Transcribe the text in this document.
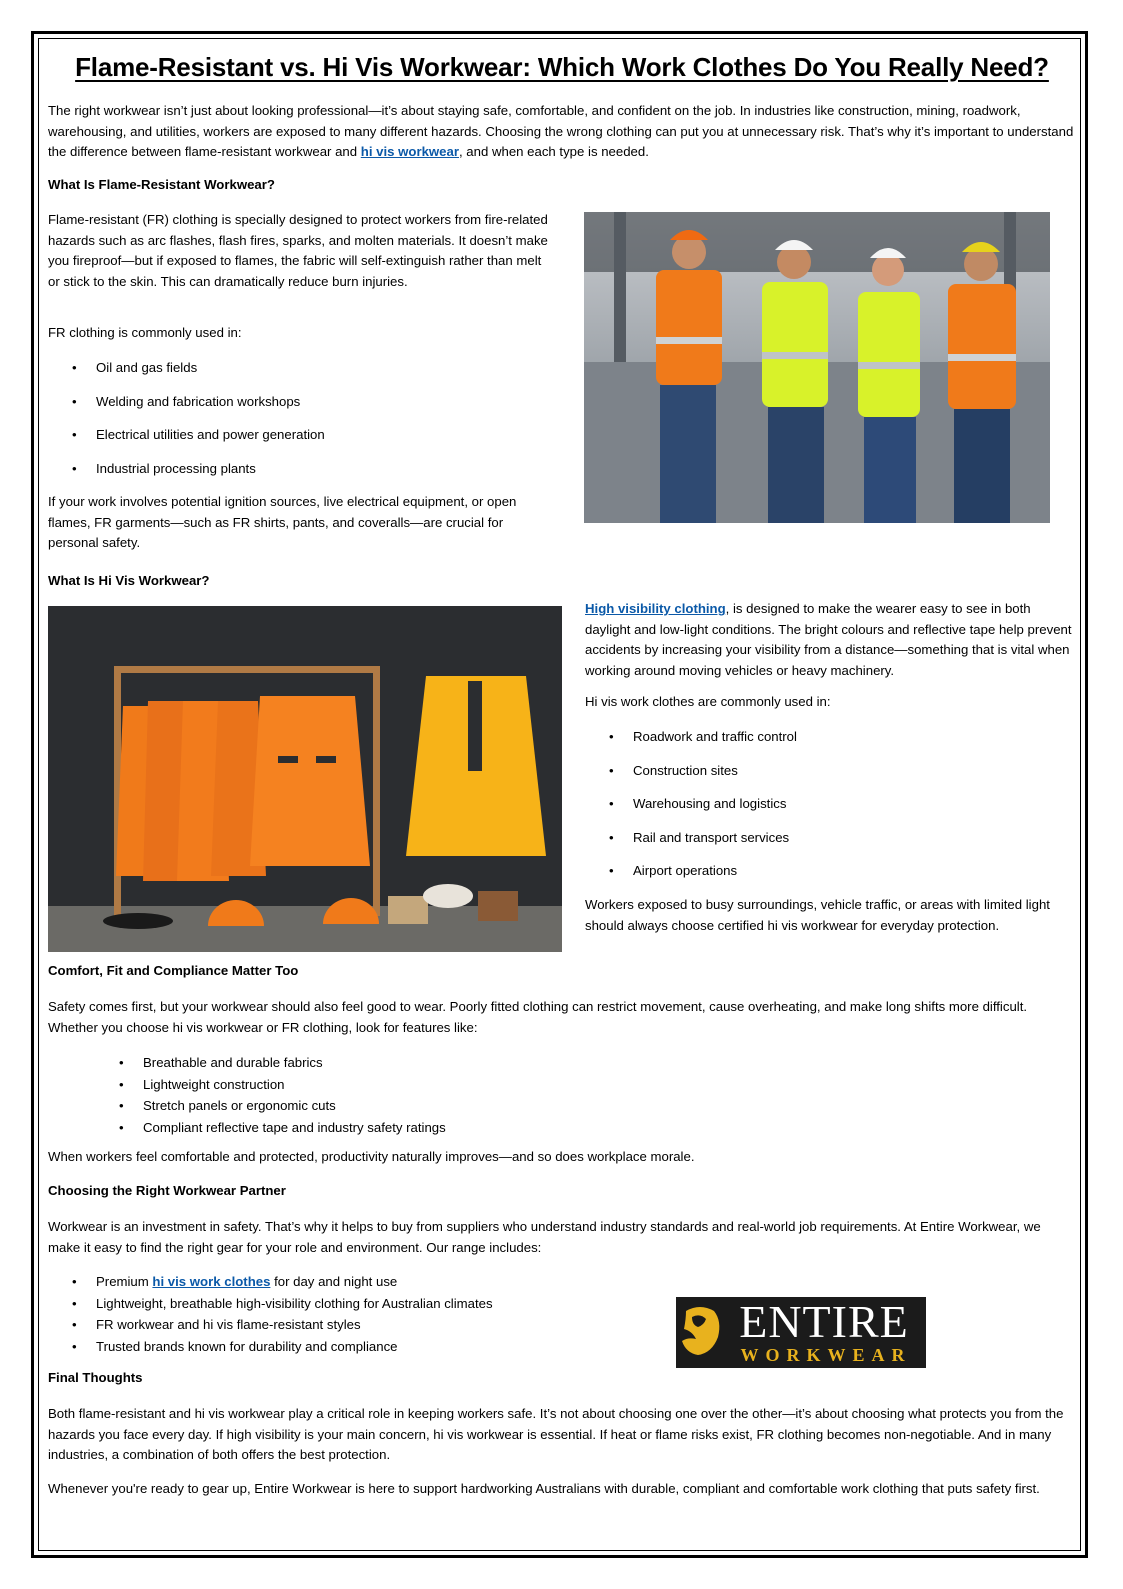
Flame-Resistant vs. Hi Vis Workwear: Which Work Clothes Do You Really Need?

The right workwear isn’t just about looking professional—it’s about staying safe, comfortable, and confident on the job. In industries like construction, mining, roadwork, warehousing, and utilities, workers are exposed to many different hazards. Choosing the wrong clothing can put you at unnecessary risk. That’s why it’s important to understand the difference between flame-resistant workwear and hi vis workwear, and when each type is needed.

What Is Flame-Resistant Workwear?

Flame-resistant (FR) clothing is specially designed to protect workers from fire-related hazards such as arc flashes, flash fires, sparks, and molten materials. It doesn’t make you fireproof—but if exposed to flames, the fabric will self-extinguish rather than melt or stick to the skin. This can dramatically reduce burn injuries.

FR clothing is commonly used in:

• Oil and gas fields
• Welding and fabrication workshops
• Electrical utilities and power generation
• Industrial processing plants

If your work involves potential ignition sources, live electrical equipment, or open flames, FR garments—such as FR shirts, pants, and coveralls—are crucial for personal safety.

What Is Hi Vis Workwear?

High visibility clothing, is designed to make the wearer easy to see in both daylight and low-light conditions. The bright colours and reflective tape help prevent accidents by increasing your visibility from a distance—something that is vital when working around moving vehicles or heavy machinery.

Hi vis work clothes are commonly used in:

• Roadwork and traffic control
• Construction sites
• Warehousing and logistics
• Rail and transport services
• Airport operations

Workers exposed to busy surroundings, vehicle traffic, or areas with limited light should always choose certified hi vis workwear for everyday protection.

Comfort, Fit and Compliance Matter Too

Safety comes first, but your workwear should also feel good to wear. Poorly fitted clothing can restrict movement, cause overheating, and make long shifts more difficult. Whether you choose hi vis workwear or FR clothing, look for features like:

• Breathable and durable fabrics
• Lightweight construction
• Stretch panels or ergonomic cuts
• Compliant reflective tape and industry safety ratings

When workers feel comfortable and protected, productivity naturally improves—and so does workplace morale.

Choosing the Right Workwear Partner

Workwear is an investment in safety. That’s why it helps to buy from suppliers who understand industry standards and real-world job requirements. At Entire Workwear, we make it easy to find the right gear for your role and environment. Our range includes:

• Premium hi vis work clothes for day and night use
• Lightweight, breathable high-visibility clothing for Australian climates
• FR workwear and hi vis flame-resistant styles
• Trusted brands known for durability and compliance	ENTIRE
WORKWEAR

Final Thoughts

Both flame-resistant and hi vis workwear play a critical role in keeping workers safe. It’s not about choosing one over the other—it’s about choosing what protects you from the hazards you face every day. If high visibility is your main concern, hi vis workwear is essential. If heat or flame risks exist, FR clothing becomes non-negotiable. And in many industries, a combination of both offers the best protection.

Whenever you're ready to gear up, Entire Workwear is here to support hardworking Australians with durable, compliant and comfortable work clothing that puts safety first.
